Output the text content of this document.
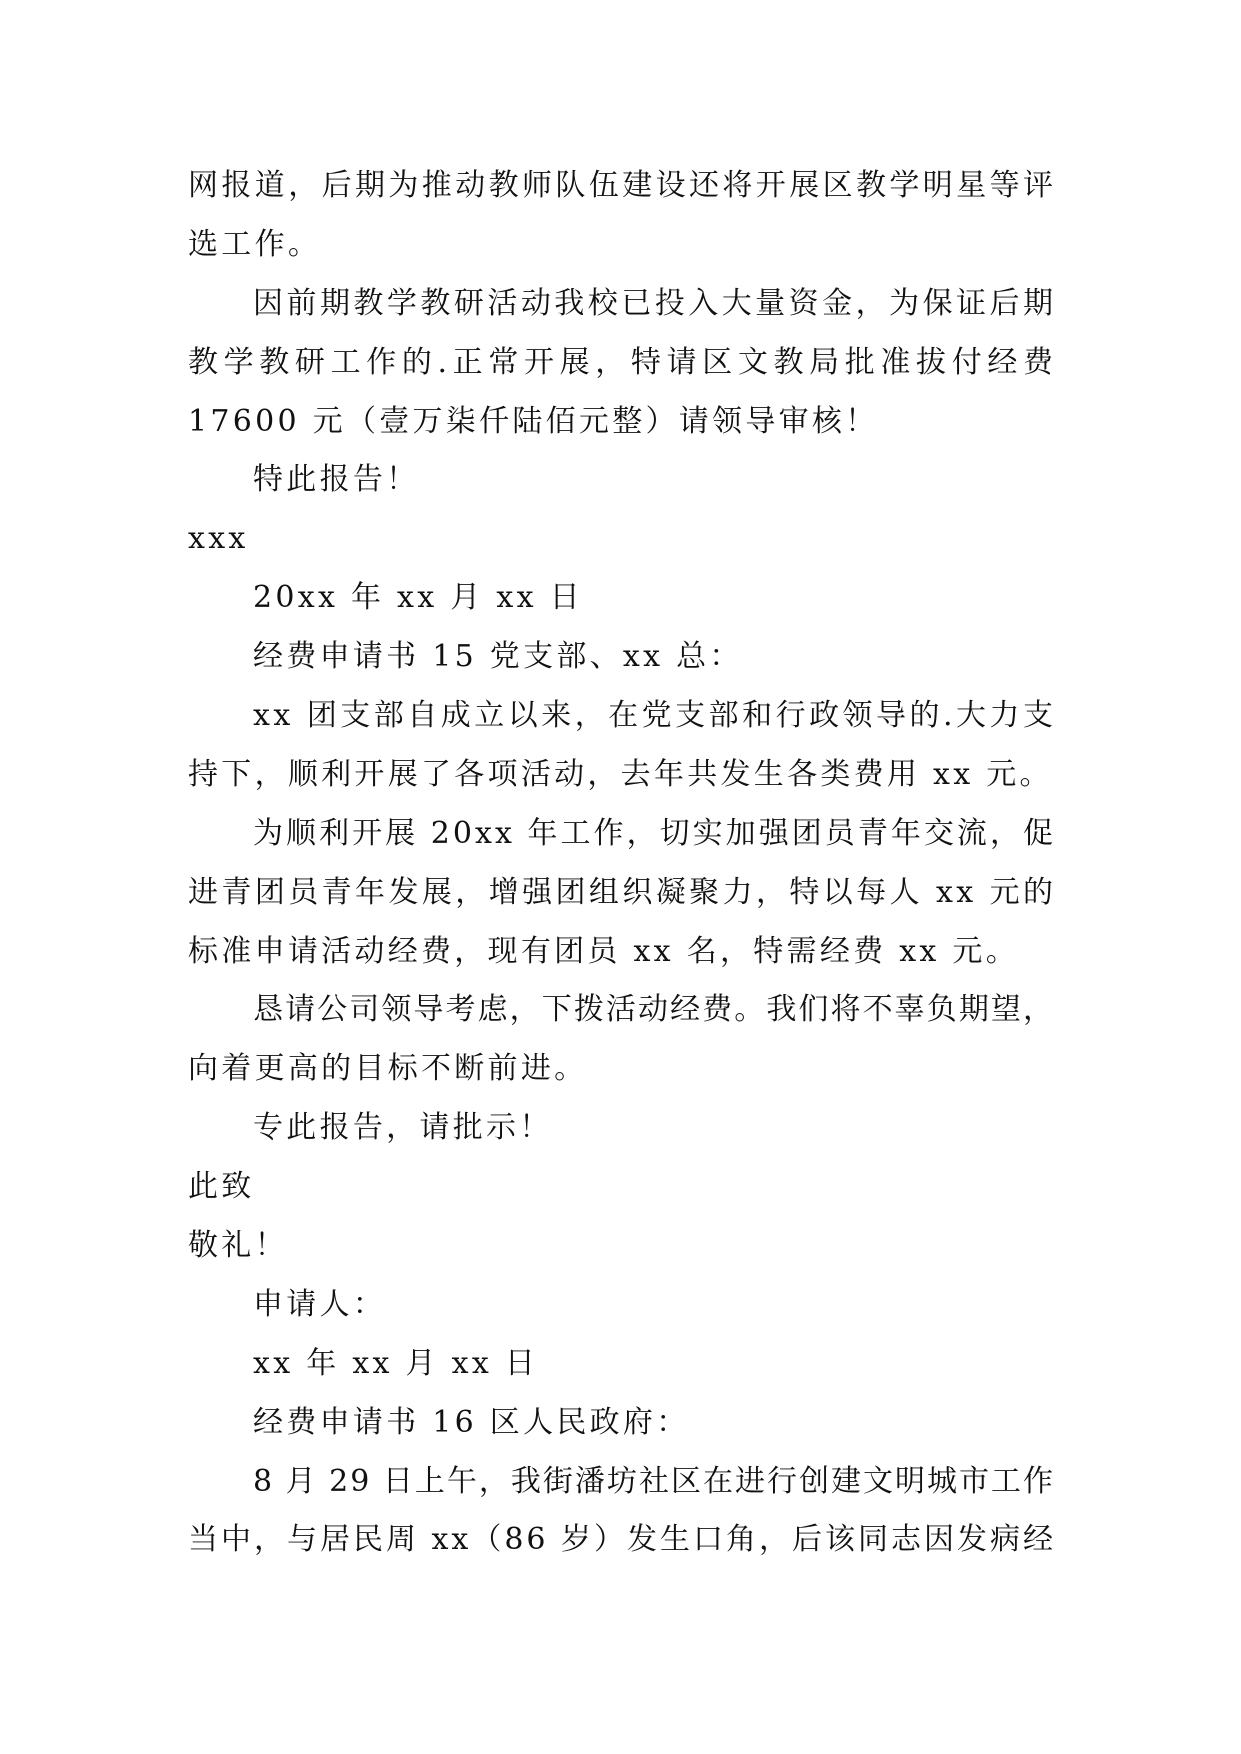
网报道，后期为推动教师队伍建设还将开展区教学明星等评
选工作。
因前期教学教研活动我校已投入大量资金，为保证后期
教学教研工作的.正常开展，特请区文教局批准拔付经费
17600 元（壹万柒仟陆佰元整）请领导审核！
特此报告！
xxx
20xx 年 xx 月 xx 日
经费申请书 15 党支部、xx 总：
xx 团支部自成立以来，在党支部和行政领导的.大力支
持下，顺利开展了各项活动，去年共发生各类费用 xx 元。
为顺利开展 20xx 年工作，切实加强团员青年交流，促
进青团员青年发展，增强团组织凝聚力，特以每人 xx 元的
标准申请活动经费，现有团员 xx 名，特需经费 xx 元。
恳请公司领导考虑，下拨活动经费。我们将不辜负期望，
向着更高的目标不断前进。
专此报告，请批示！
此致
敬礼！
申请人：
xx 年 xx 月 xx 日
经费申请书 16 区人民政府：
8 月 29 日上午，我街潘坊社区在进行创建文明城市工作
当中，与居民周 xx（86 岁）发生口角，后该同志因发病经
